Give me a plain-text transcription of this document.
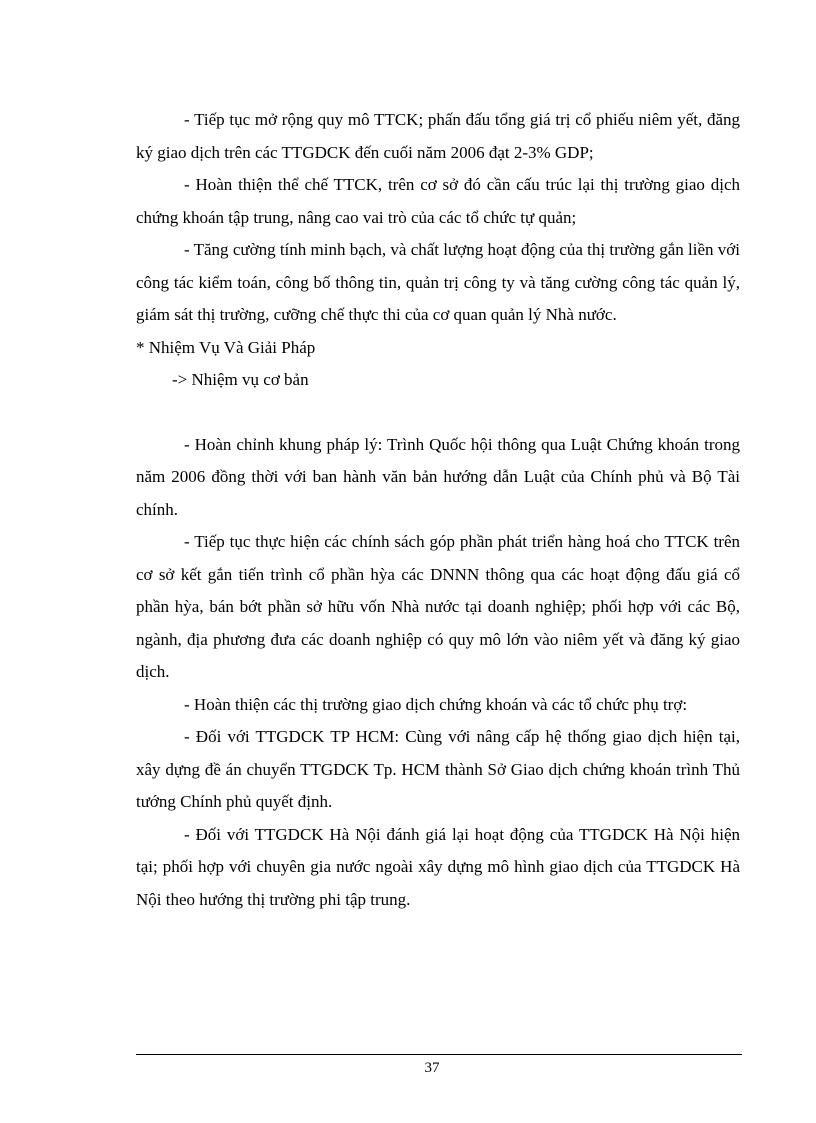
- Tiếp tục mở rộng quy mô TTCK; phấn đấu tổng giá trị cổ phiếu niêm yết, đăng ký giao dịch trên các TTGDCK đến cuối năm 2006 đạt 2-3% GDP;

- Hoàn thiện thể chế TTCK, trên cơ sở đó cần cấu trúc lại thị trường giao dịch chứng khoán tập trung, nâng cao vai trò của các tổ chức tự quản;

- Tăng cường tính minh bạch, và chất lượng hoạt động của thị trường gắn liền với công tác kiểm toán, công bố thông tin, quản trị công ty và tăng cường công tác quản lý, giám sát thị trường, cưỡng chế thực thi của cơ quan quản lý Nhà nước.

* Nhiệm Vụ Và Giải Pháp

-> Nhiệm vụ cơ bản

- Hoàn chỉnh khung pháp lý: Trình Quốc hội thông qua Luật Chứng khoán trong năm 2006 đồng thời với ban hành văn bản hướng dẫn Luật của Chính phủ và Bộ Tài chính.

- Tiếp tục thực hiện các chính sách góp phần phát triển hàng hoá cho TTCK trên cơ sở kết gắn tiến trình cổ phần hỳa các DNNN thông qua các hoạt động đấu giá cổ phần hỳa, bán bớt phần sở hữu vốn Nhà nước tại doanh nghiệp; phối hợp với các Bộ, ngành, địa phương đưa các doanh nghiệp có quy mô lớn vào niêm yết và đăng ký giao dịch.

- Hoàn thiện các thị trường giao dịch chứng khoán và các tổ chức phụ trợ:

- Đối với TTGDCK TP HCM: Cùng với nâng cấp hệ thống giao dịch hiện tại, xây dựng đề án chuyển TTGDCK Tp. HCM thành Sở Giao dịch chứng khoán trình Thủ tướng Chính phủ quyết định.

- Đối với TTGDCK Hà Nội đánh giá lại hoạt động của TTGDCK Hà Nội hiện tại; phối hợp với chuyên gia nước ngoài xây dựng mô hình giao dịch của TTGDCK Hà Nội theo hướng thị trường phi tập trung.

37
